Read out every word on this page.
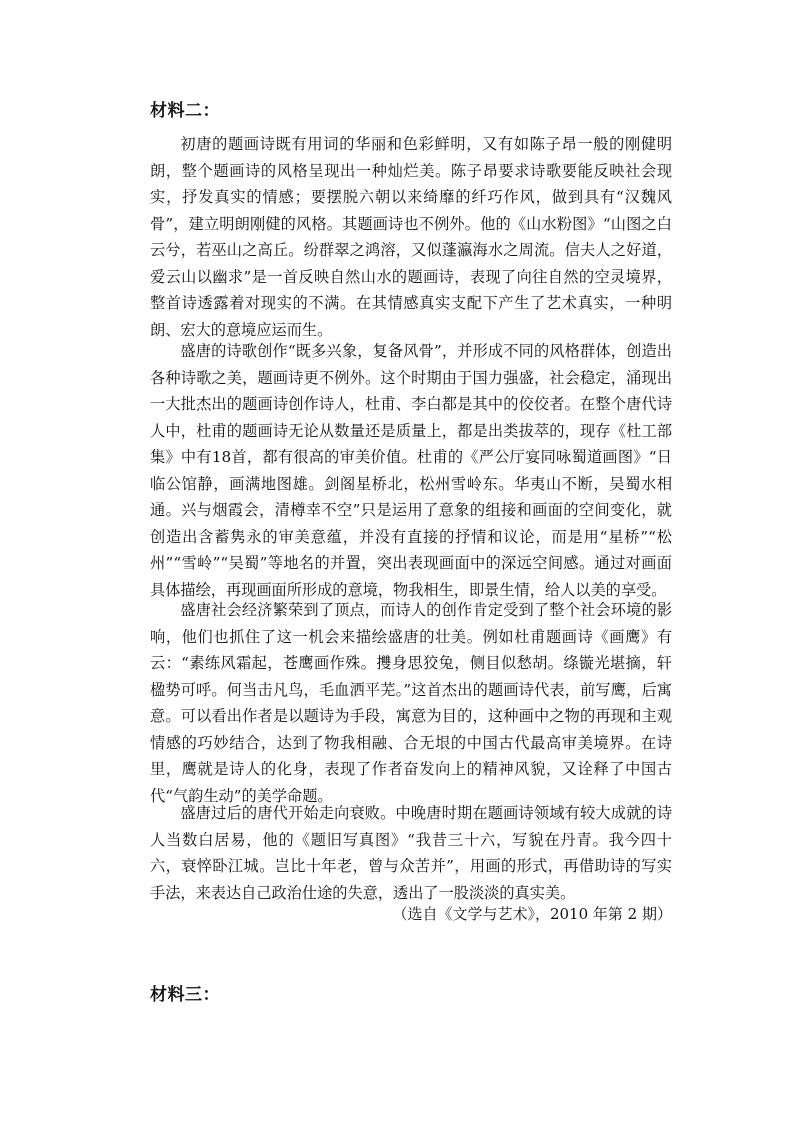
材料二：

初唐的题画诗既有用词的华丽和色彩鲜明，又有如陈子昂一般的刚健明朗，整个题画诗的风格呈现出一种灿烂美。陈子昂要求诗歌要能反映社会现实，抒发真实的情感；要摆脱六朝以来绮靡的纤巧作风，做到具有“汉魏风骨”，建立明朗刚健的风格。其题画诗也不例外。他的《山水粉图》“山图之白云兮，若巫山之高丘。纷群翠之鸿溶，又似蓬瀛海水之周流。信夫人之好道，爱云山以幽求”是一首反映自然山水的题画诗，表现了向往自然的空灵境界，整首诗透露着对现实的不满。在其情感真实支配下产生了艺术真实，一种明朗、宏大的意境应运而生。

盛唐的诗歌创作“既多兴象，复备风骨”，并形成不同的风格群体，创造出各种诗歌之美，题画诗更不例外。这个时期由于国力强盛，社会稳定，涌现出一大批杰出的题画诗创作诗人，杜甫、李白都是其中的佼佼者。在整个唐代诗人中，杜甫的题画诗无论从数量还是质量上，都是出类拔萃的，现存《杜工部集》中有18首，都有很高的审美价值。杜甫的《严公厅宴同咏蜀道画图》“日临公馆静，画满地图雄。剑阁星桥北，松州雪岭东。华夷山不断，吴蜀水相通。兴与烟霞会，清樽幸不空”只是运用了意象的组接和画面的空间变化，就创造出含蓄隽永的审美意蕴，并没有直接的抒情和议论，而是用“星桥”“松州”“雪岭”“吴蜀”等地名的并置，突出表现画面中的深远空间感。通过对画面具体描绘，再现画面所形成的意境，物我相生，即景生情，给人以美的享受。

盛唐社会经济繁荣到了顶点，而诗人的创作肯定受到了整个社会环境的影响，他们也抓住了这一机会来描绘盛唐的壮美。例如杜甫题画诗《画鹰》有云：“素练风霜起，苍鹰画作殊。㩳身思狡兔，侧目似愁胡。绦镟光堪摘，轩楹势可呼。何当击凡鸟，毛血洒平芜。”这首杰出的题画诗代表，前写鹰，后寓意。可以看出作者是以题诗为手段，寓意为目的，这种画中之物的再现和主观情感的巧妙结合，达到了物我相融、合无垠的中国古代最高审美境界。在诗里，鹰就是诗人的化身，表现了作者奋发向上的精神风貌，又诠释了中国古代“气韵生动”的美学命题。

盛唐过后的唐代开始走向衰败。中晚唐时期在题画诗领域有较大成就的诗人当数白居易，他的《题旧写真图》“我昔三十六，写貌在丹青。我今四十六，衰悴卧江城。岂比十年老，曾与众苦并”，用画的形式，再借助诗的写实手法，来表达自己政治仕途的失意，透出了一股淡淡的真实美。

（选自《文学与艺术》，2010 年第 2 期）
材料三：
